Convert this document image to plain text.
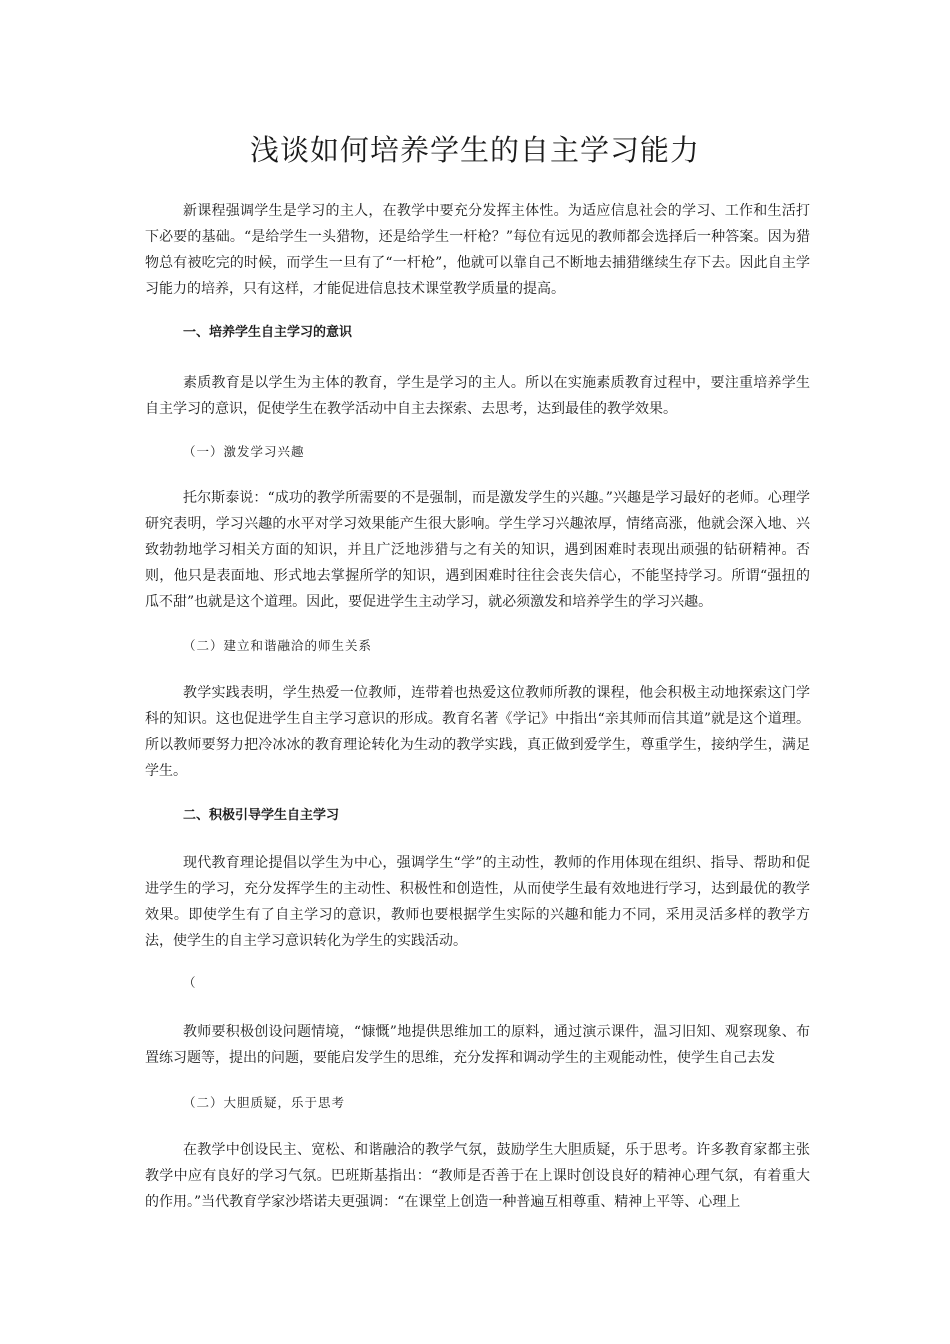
浅谈如何培养学生的自主学习能力

新课程强调学生是学习的主人，在教学中要充分发挥主体性。为适应信息社会的学习、工作和生活打下必要的基础。“是给学生一头猎物，还是给学生一杆枪？”每位有远见的教师都会选择后一种答案。因为猎物总有被吃完的时候，而学生一旦有了“一杆枪”，他就可以靠自己不断地去捕猎继续生存下去。因此自主学习能力的培养，只有这样，才能促进信息技术课堂教学质量的提高。

一、培养学生自主学习的意识

素质教育是以学生为主体的教育，学生是学习的主人。所以在实施素质教育过程中，要注重培养学生自主学习的意识，促使学生在教学活动中自主去探索、去思考，达到最佳的教学效果。

（一）激发学习兴趣

托尔斯泰说：“成功的教学所需要的不是强制，而是激发学生的兴趣。”兴趣是学习最好的老师。心理学研究表明，学习兴趣的水平对学习效果能产生很大影响。学生学习兴趣浓厚，情绪高涨，他就会深入地、兴致勃勃地学习相关方面的知识，并且广泛地涉猎与之有关的知识，遇到困难时表现出顽强的钻研精神。否则，他只是表面地、形式地去掌握所学的知识，遇到困难时往往会丧失信心，不能坚持学习。所谓“强扭的瓜不甜”也就是这个道理。因此，要促进学生主动学习，就必须激发和培养学生的学习兴趣。

（二）建立和谐融洽的师生关系

教学实践表明，学生热爱一位教师，连带着也热爱这位教师所教的课程，他会积极主动地探索这门学科的知识。这也促进学生自主学习意识的形成。教育名著《学记》中指出“亲其师而信其道”就是这个道理。所以教师要努力把冷冰冰的教育理论转化为生动的教学实践，真正做到爱学生，尊重学生，接纳学生，满足学生。

二、积极引导学生自主学习

现代教育理论提倡以学生为中心，强调学生“学”的主动性，教师的作用体现在组织、指导、帮助和促进学生的学习，充分发挥学生的主动性、积极性和创造性，从而使学生最有效地进行学习，达到最优的教学效果。即使学生有了自主学习的意识，教师也要根据学生实际的兴趣和能力不同，采用灵活多样的教学方法，使学生的自主学习意识转化为学生的实践活动。

（

教师要积极创设问题情境，“慷慨”地提供思维加工的原料，通过演示课件，温习旧知、观察现象、布置练习题等，提出的问题，要能启发学生的思维，充分发挥和调动学生的主观能动性，使学生自己去发

（二）大胆质疑，乐于思考

在教学中创设民主、宽松、和谐融洽的教学气氛，鼓励学生大胆质疑，乐于思考。许多教育家都主张教学中应有良好的学习气氛。巴班斯基指出：“教师是否善于在上课时创设良好的精神心理气氛，有着重大的作用。”当代教育学家沙塔诺夫更强调：“在课堂上创造一种普遍互相尊重、精神上平等、心理上
